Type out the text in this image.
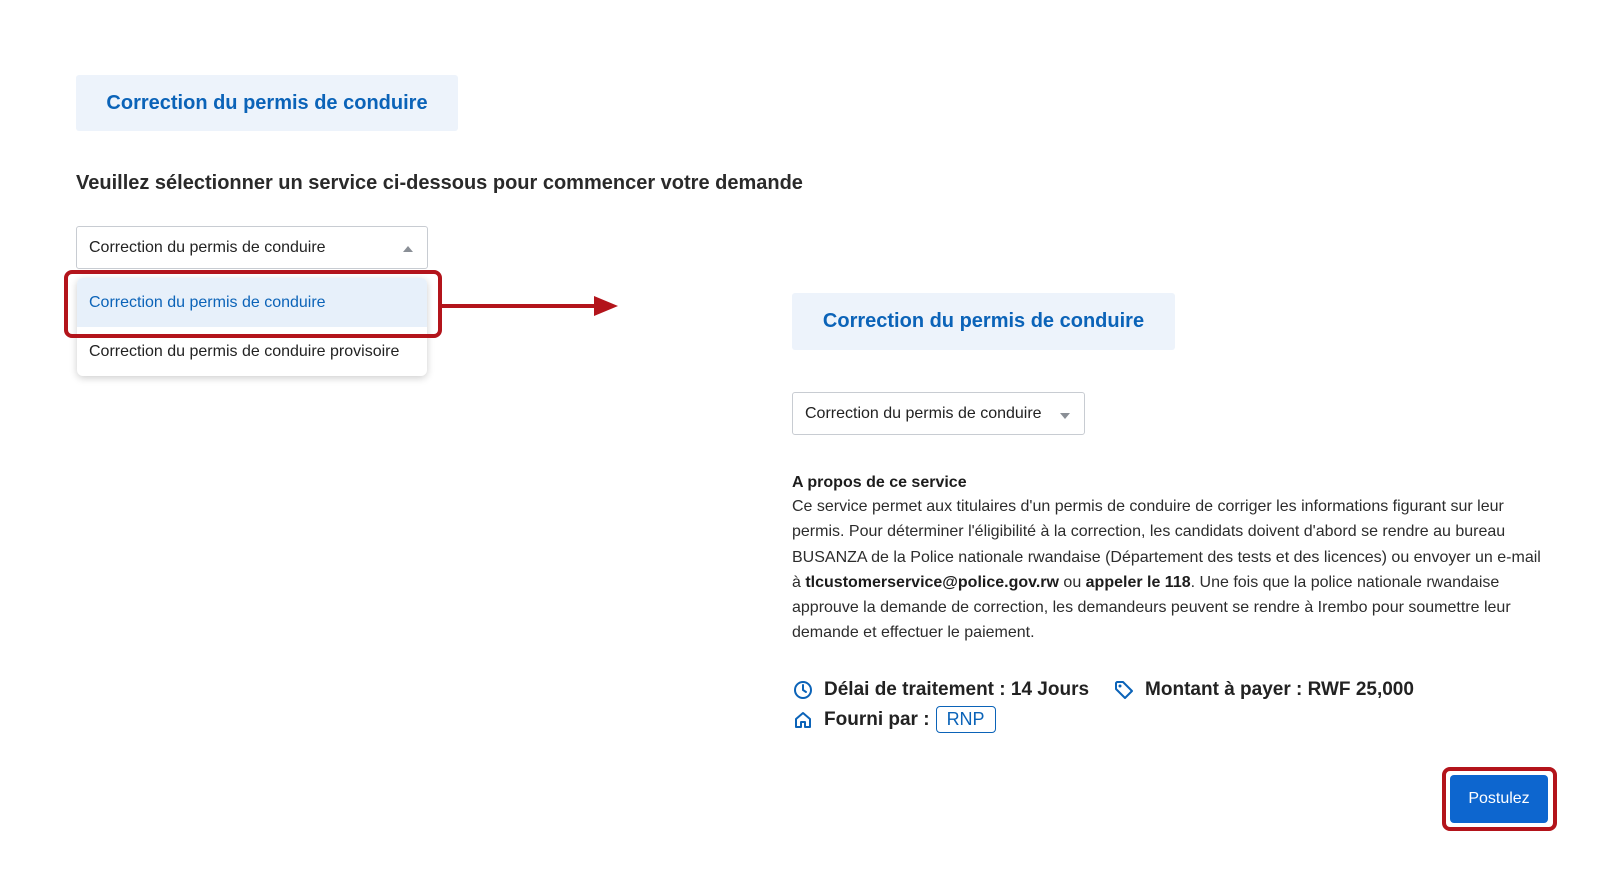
Correction du permis de conduire
Veuillez sélectionner un service ci-dessous pour commencer votre demande
Correction du permis de conduire
Correction du permis de conduire
Correction du permis de conduire provisoire
Correction du permis de conduire
Correction du permis de conduire
A propos de ce service
Ce service permet aux titulaires d'un permis de conduire de corriger les informations figurant sur leur permis. Pour déterminer l'éligibilité à la correction, les candidats doivent d'abord se rendre au bureau BUSANZA de la Police nationale rwandaise (Département des tests et des licences) ou envoyer un e-mail à tlcustomerservice@police.gov.rw ou appeler le 118. Une fois que la police nationale rwandaise approuve la demande de correction, les demandeurs peuvent se rendre à Irembo pour soumettre leur demande et effectuer le paiement.
Délai de traitement : 14 Jours	Montant à payer : RWF 25,000
Fourni par : RNP
Postulez
